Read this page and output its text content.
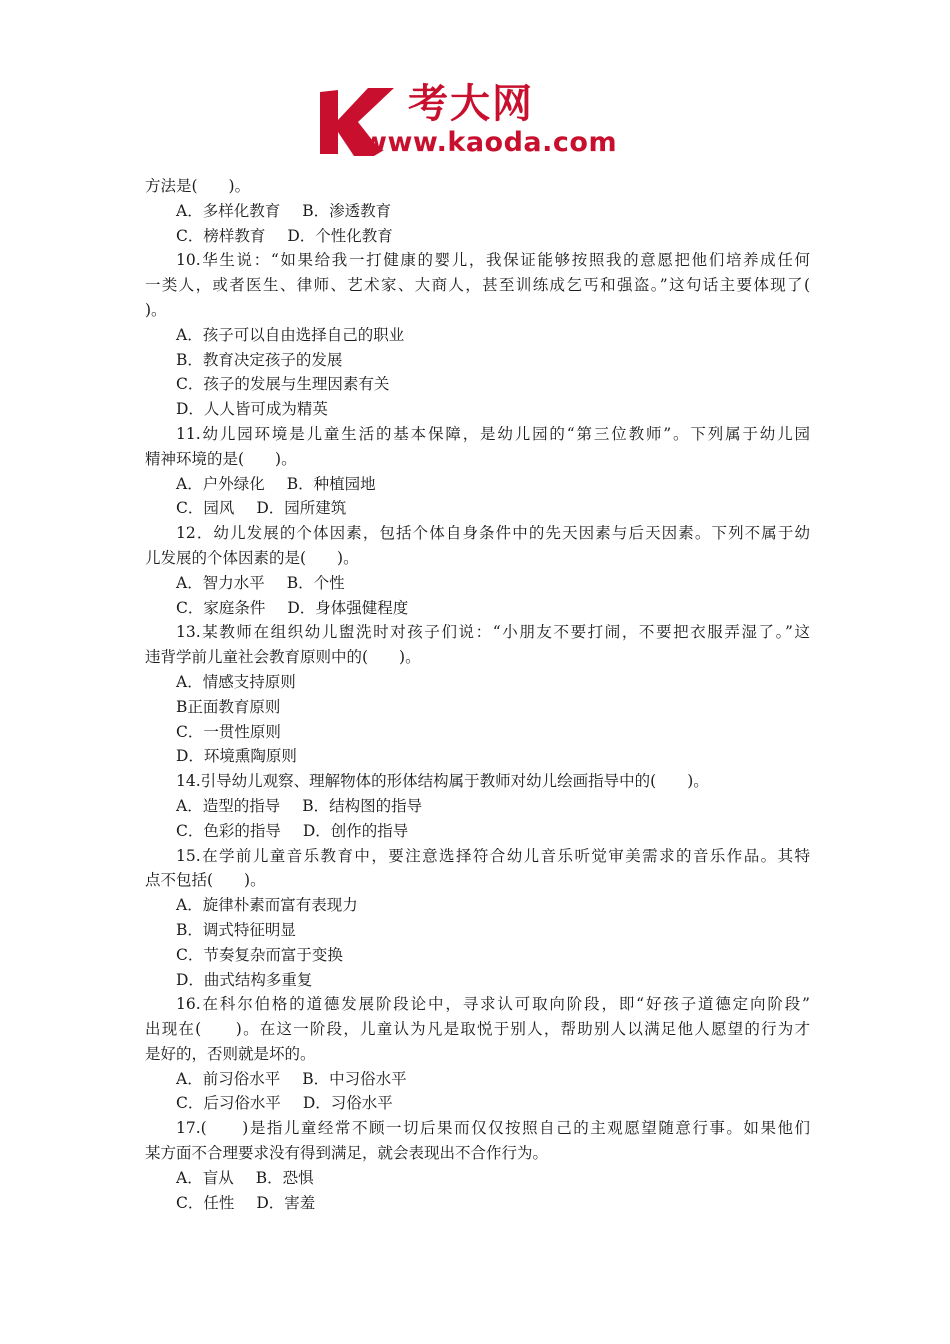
考大网
www.kaoda.com
方法是(　　)。
A．多样化教育 B．渗透教育
C．榜样教育 D．个性化教育
10.华生说：“如果给我一打健康的婴儿，我保证能够按照我的意愿把他们培养成任何
一类人，或者医生、律师、艺术家、大商人，甚至训练成乞丐和强盗。”这句话主要体现了(
)。
A．孩子可以自由选择自己的职业
B．教育决定孩子的发展
C．孩子的发展与生理因素有关
D．人人皆可成为精英
11.幼儿园环境是儿童生活的基本保障，是幼儿园的“第三位教师”。下列属于幼儿园
精神环境的是(　　)。
A．户外绿化 B．种植园地
C．园风 D．园所建筑
12．幼儿发展的个体因素，包括个体自身条件中的先天因素与后天因素。下列不属于幼
儿发展的个体因素的是(　　)。
A．智力水平 B．个性
C．家庭条件 D．身体强健程度
13.某教师在组织幼儿盥洗时对孩子们说：“小朋友不要打闹，不要把衣服弄湿了。”这
违背学前儿童社会教育原则中的(　　)。
A．情感支持原则
B正面教育原则
C．一贯性原则
D．环境熏陶原则
14.引导幼儿观察、理解物体的形体结构属于教师对幼儿绘画指导中的(　　)。
A．造型的指导 B．结构图的指导
C．色彩的指导 D．创作的指导
15.在学前儿童音乐教育中，要注意选择符合幼儿音乐听觉审美需求的音乐作品。其特
点不包括(　　)。
A．旋律朴素而富有表现力
B．调式特征明显
C．节奏复杂而富于变换
D．曲式结构多重复
16.在科尔伯格的道德发展阶段论中，寻求认可取向阶段，即“好孩子道德定向阶段”
出现在(　　)。在这一阶段，儿童认为凡是取悦于别人，帮助别人以满足他人愿望的行为才
是好的，否则就是坏的。
A．前习俗水平 B．中习俗水平
C．后习俗水平 D．习俗水平
17.(　　)是指儿童经常不顾一切后果而仅仅按照自己的主观愿望随意行事。如果他们
某方面不合理要求没有得到满足，就会表现出不合作行为。
A．盲从 B．恐惧
C．任性 D．害羞
